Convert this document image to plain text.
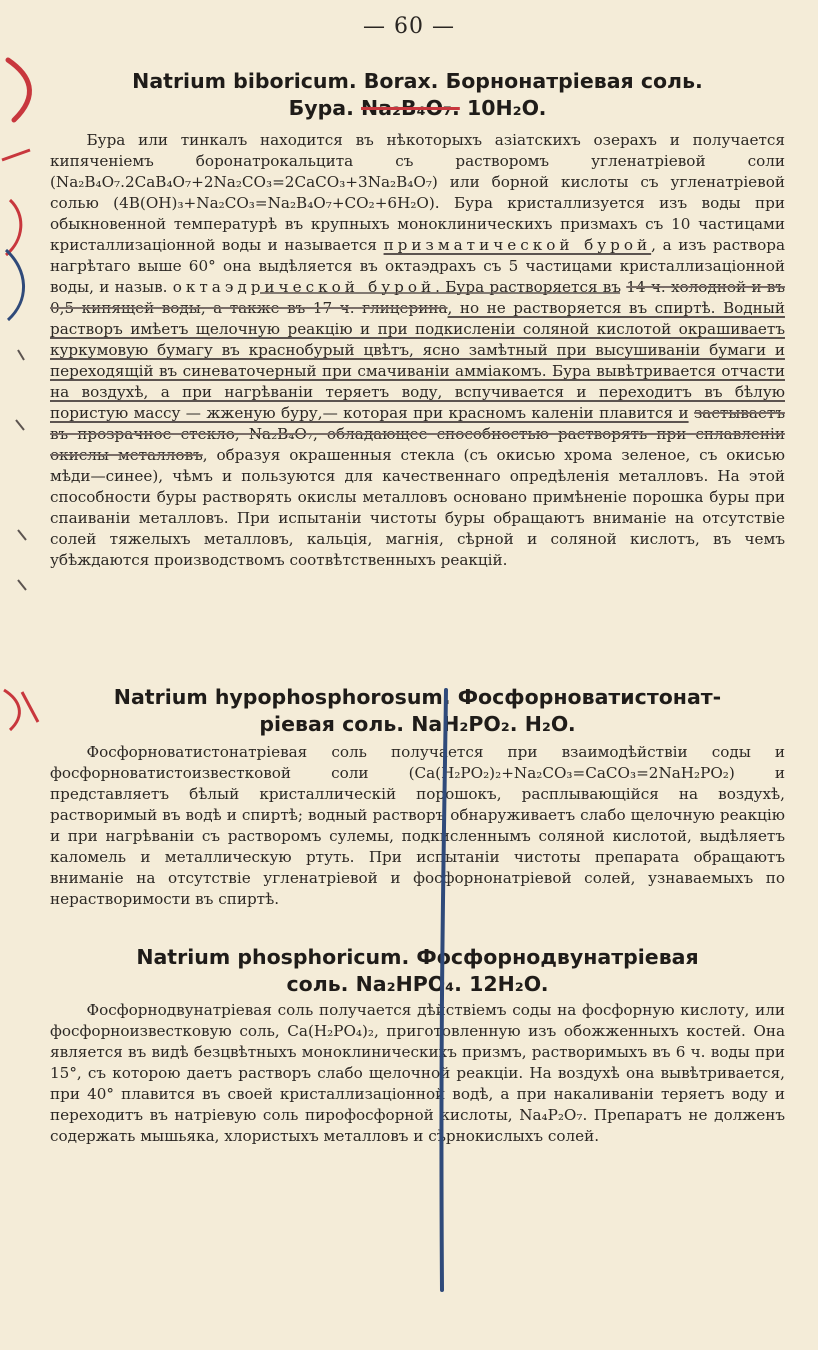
— 60 —
Natrium biboricum. Borax. Борнонатрiевая соль.
Бура. Na₂B₄O₇. 10H₂O.
Бура или тинкалъ находится въ нѣкоторыхъ азiатскихъ озерахъ и получается кипяченiемъ боронатрокальцита съ растворомъ угленатрiевой соли (Na₂B₄O₇.2CaB₄O₇+2Na₂CO₃=2CaCO₃+3Na₂B₄O₇) или борной кислоты съ угленатрiевой солью (4B(OH)₃+Na₂CO₃=Na₂B₄O₇+CO₂+6H₂O). Бура кристаллизуется изъ воды при обыкновенной температурѣ въ крупныхъ моноклиническихъ призмахъ съ 10 частицами кристаллизацiонной воды и называется призматической бурой, а изъ раствора нагрѣтаго выше 60° она выдѣляется въ октаэдрахъ съ 5 частицами кристаллизацiонной воды, и назыв. октаэдрической бурой. Бура растворяется въ 14 ч. холодной и въ 0,5 кипящей воды, а также въ 17 ч. глицерина, но не растворяется въ спиртѣ. Водный растворъ имѣетъ щелочную реакцiю и при подкисленiи соляной кислотой окрашиваетъ куркумовую бумагу въ краснобурый цвѣтъ, ясно замѣтный при высушиванiи бумаги и переходящiй въ синеваточерный при смачиванiи аммiакомъ. Бура вывѣтривается отчасти на воздухѣ, а при нагрѣванiи теряетъ воду, вспучивается и переходитъ въ бѣлую пористую массу — жженую буру,— которая при красномъ каленiи плавится и застываетъ въ прозрачное стекло, Na₂B₄O₇, обладающее способностью растворять при сплавленiи окислы металловъ, образуя окрашенныя стекла (съ окисью хрома зеленое, съ окисью мѣди—синее), чѣмъ и пользуются для качественнаго опредѣленiя металловъ. На этой способности буры растворять окислы металловъ основано примѣненiе порошка буры при спаиванiи металловъ. При испытанiи чистоты буры обращаютъ вниманiе на отсутствiе солей тяжелыхъ металловъ, кальцiя, магнiя, сѣрной и соляной кислотъ, въ чемъ убѣждаются производствомъ соотвѣтственныхъ реакцiй.
Natrium hypophosphorosum. Фосфорноватистонат-
рiевая соль. NaH₂PO₂. H₂O.
Фосфорноватистонатрiевая соль получается при взаимодѣйствiи соды и фосфорноватистоизвестковой соли (Ca(H₂PO₂)₂+Na₂CO₃=CaCO₃=2NaH₂PO₂) и представляетъ бѣлый кристаллическiй порошокъ, расплывающiйся на воздухѣ, растворимый въ водѣ и спиртѣ; водный растворъ обнаруживаетъ слабо щелочную реакцiю и при нагрѣванiи съ растворомъ сулемы, подкисленнымъ соляной кислотой, выдѣляетъ каломель и металлическую ртуть. При испытанiи чистоты препарата обращаютъ вниманiе на отсутствiе угленатрiевой и фосфорнонатрiевой солей, узнаваемыхъ по нерастворимости въ спиртѣ.
Natrium phosphoricum. Фосфорнодвунатрiевая
соль. Na₂HPO₄. 12H₂O.
Фосфорнодвунатрiевая соль получается дѣйствiемъ соды на фосфорную кислоту, или фосфорноизвестковую соль, Ca(H₂PO₄)₂, приготовленную изъ обожженныхъ костей. Она является въ видѣ безцвѣтныхъ моноклиническихъ призмъ, растворимыхъ въ 6 ч. воды при 15°, съ которою даетъ растворъ слабо щелочной реакцiи. На воздухѣ она вывѣтривается, при 40° плавится въ своей кристаллизацiонной водѣ, а при накаливанiи теряетъ воду и переходитъ въ натрiевую соль пирофосфорной кислоты, Na₄P₂O₇. Препаратъ не долженъ содержать мышьяка, хлористыхъ металловъ и сѣрнокислыхъ солей.
